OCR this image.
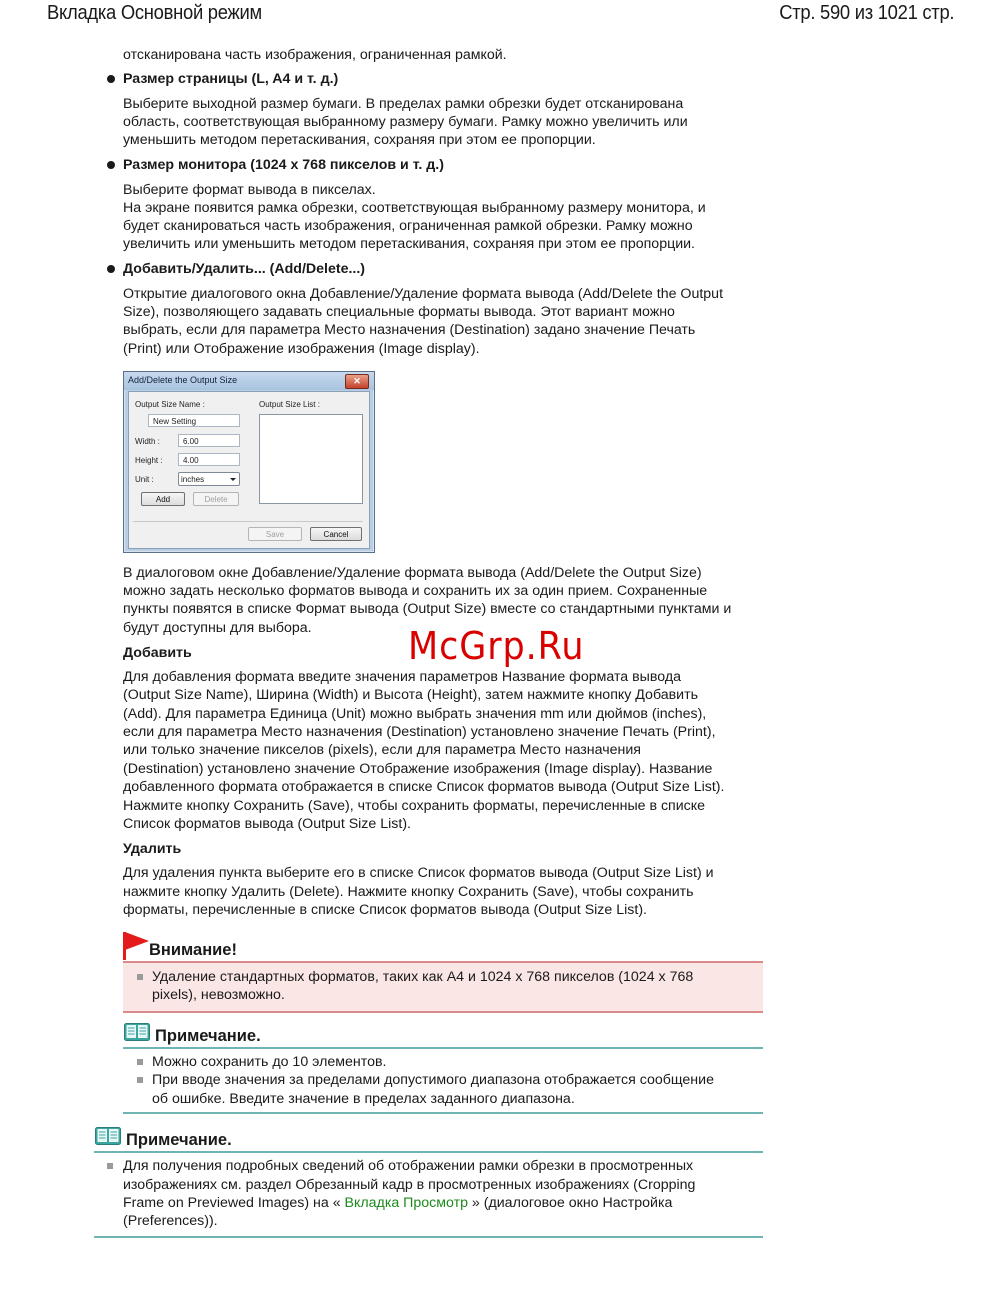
Вкладка Основной режим	Стр. 590 из 1021 стр.
отсканирована часть изображения, ограниченная рамкой.
Размер страницы (L, A4 и т. д.)
Выберите выходной размер бумаги. В пределах рамки обрезки будет отсканирована
область, соответствующая выбранному размеру бумаги. Рамку можно увеличить или
уменьшить методом перетаскивания, сохраняя при этом ее пропорции.
Размер монитора (1024 x 768 пикселов и т. д.)
Выберите формат вывода в пикселах.
На экране появится рамка обрезки, соответствующая выбранному размеру монитора, и
будет сканироваться часть изображения, ограниченная рамкой обрезки. Рамку можно
увеличить или уменьшить методом перетаскивания, сохраняя при этом ее пропорции.
Добавить/Удалить... (Add/Delete...)
Открытие диалогового окна Добавление/Удаление формата вывода (Add/Delete the Output
Size), позволяющего задавать специальные форматы вывода. Этот вариант можно
выбрать, если для параметра Место назначения (Destination) задано значение Печать
(Print) или Отображение изображения (Image display).
Add/Delete the Output Size	✕
Output Size Name :
New Setting
Width :	6.00
Height :	4.00
Unit :	inches
Add	Delete
Output Size List :
Save	Cancel
В диалоговом окне Добавление/Удаление формата вывода (Add/Delete the Output Size)
можно задать несколько форматов вывода и сохранить их за один прием. Сохраненные
пункты появятся в списке Формат вывода (Output Size) вместе со стандартными пунктами и
будут доступны для выбора.	McGrp.Ru
Добавить
Для добавления формата введите значения параметров Название формата вывода
(Output Size Name), Ширина (Width) и Высота (Height), затем нажмите кнопку Добавить
(Add). Для параметра Единица (Unit) можно выбрать значения mm или дюймов (inches),
если для параметра Место назначения (Destination) установлено значение Печать (Print),
или только значение пикселов (pixels), если для параметра Место назначения
(Destination) установлено значение Отображение изображения (Image display). Название
добавленного формата отображается в списке Список форматов вывода (Output Size List).
Нажмите кнопку Сохранить (Save), чтобы сохранить форматы, перечисленные в списке
Список форматов вывода (Output Size List).
Удалить
Для удаления пункта выберите его в списке Список форматов вывода (Output Size List) и
нажмите кнопку Удалить (Delete). Нажмите кнопку Сохранить (Save), чтобы сохранить
форматы, перечисленные в списке Список форматов вывода (Output Size List).
Внимание!
Удаление стандартных форматов, таких как A4 и 1024 x 768 пикселов (1024 x 768
pixels), невозможно.
Примечание.
Можно сохранить до 10 элементов.
При вводе значения за пределами допустимого диапазона отображается сообщение
об ошибке. Введите значение в пределах заданного диапазона.
Примечание.
Для получения подробных сведений об отображении рамки обрезки в просмотренных
изображениях см. раздел Обрезанный кадр в просмотренных изображениях (Cropping
Frame on Previewed Images) на « Вкладка Просмотр » (диалоговое окно Настройка
(Preferences)).
